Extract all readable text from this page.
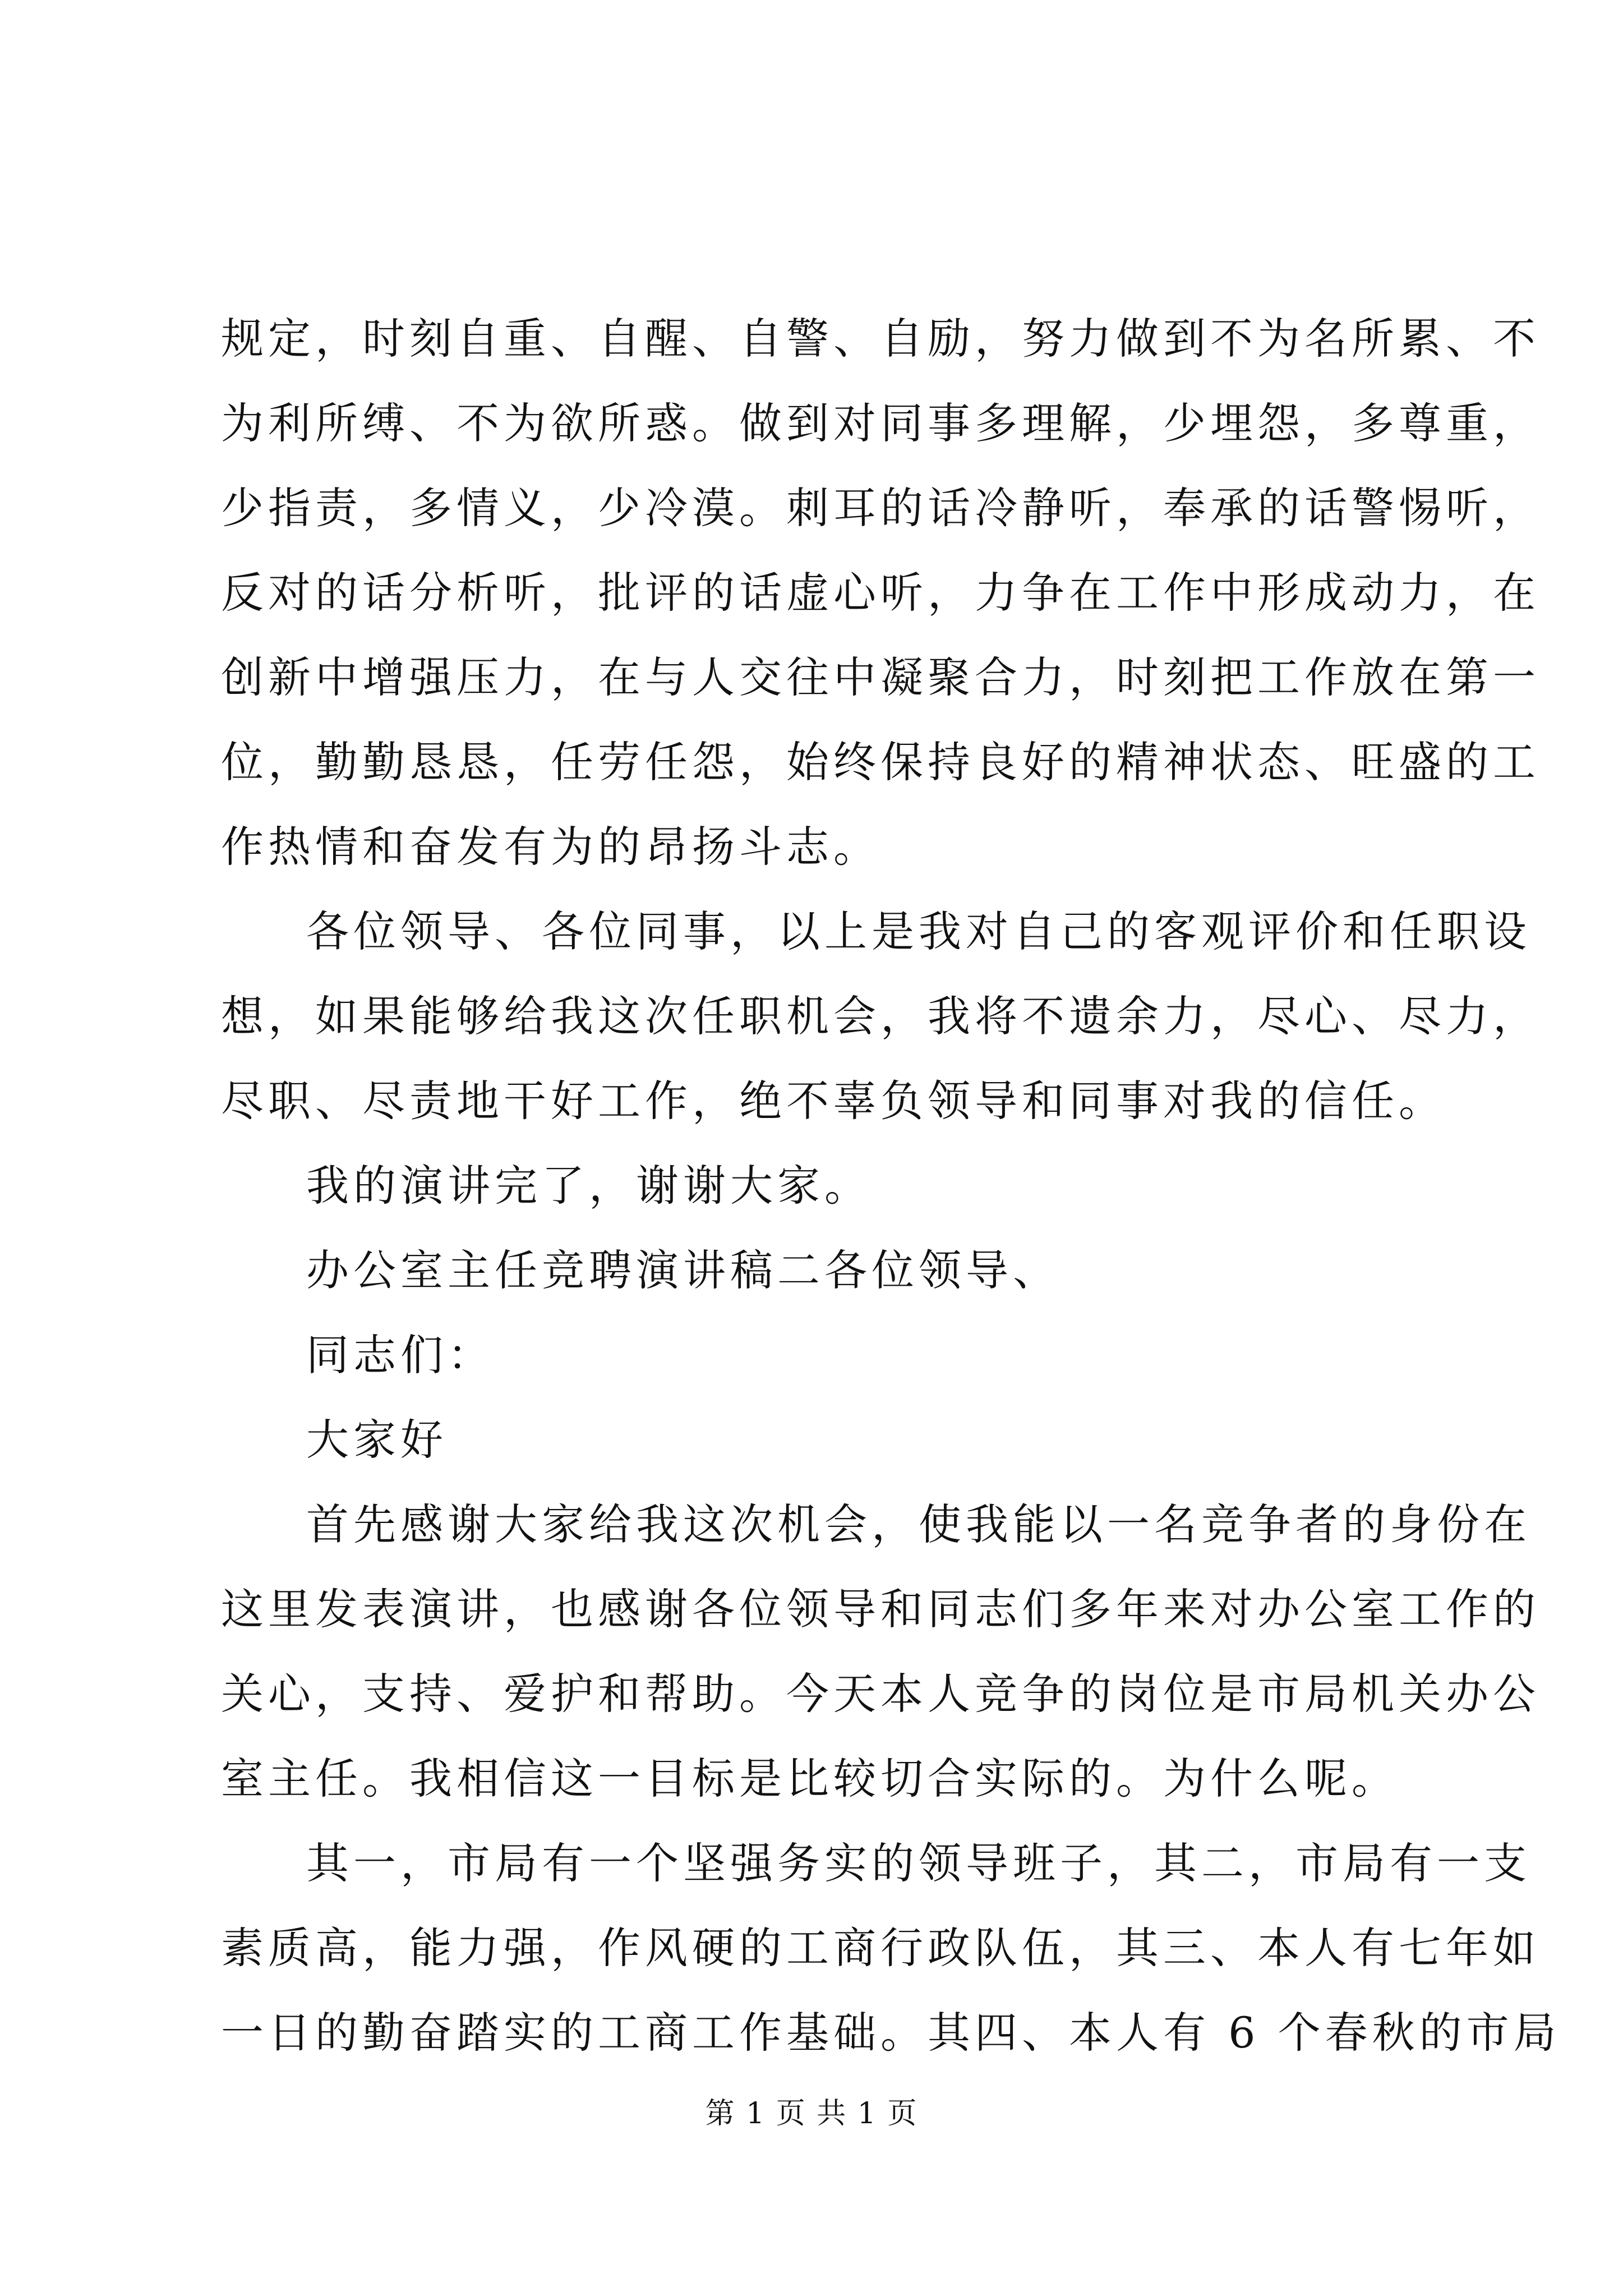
规定，时刻自重、自醒、自警、自励，努力做到不为名所累、不
为利所缚、不为欲所惑。做到对同事多理解，少埋怨，多尊重，
少指责，多情义，少冷漠。刺耳的话冷静听，奉承的话警惕听，
反对的话分析听，批评的话虚心听，力争在工作中形成动力，在
创新中增强压力，在与人交往中凝聚合力，时刻把工作放在第一
位，勤勤恳恳，任劳任怨，始终保持良好的精神状态、旺盛的工
作热情和奋发有为的昂扬斗志。
各位领导、各位同事，以上是我对自己的客观评价和任职设
想，如果能够给我这次任职机会，我将不遗余力，尽心、尽力，
尽职、尽责地干好工作，绝不辜负领导和同事对我的信任。
我的演讲完了，谢谢大家。
办公室主任竞聘演讲稿二各位领导、
同志们：
大家好
首先感谢大家给我这次机会，使我能以一名竞争者的身份在
这里发表演讲，也感谢各位领导和同志们多年来对办公室工作的
关心，支持、爱护和帮助。今天本人竞争的岗位是市局机关办公
室主任。我相信这一目标是比较切合实际的。为什么呢。
其一，市局有一个坚强务实的领导班子，其二，市局有一支
素质高，能力强，作风硬的工商行政队伍，其三、本人有七年如
一日的勤奋踏实的工商工作基础。其四、本人有 6 个春秋的市局
第 1 页 共 1 页
